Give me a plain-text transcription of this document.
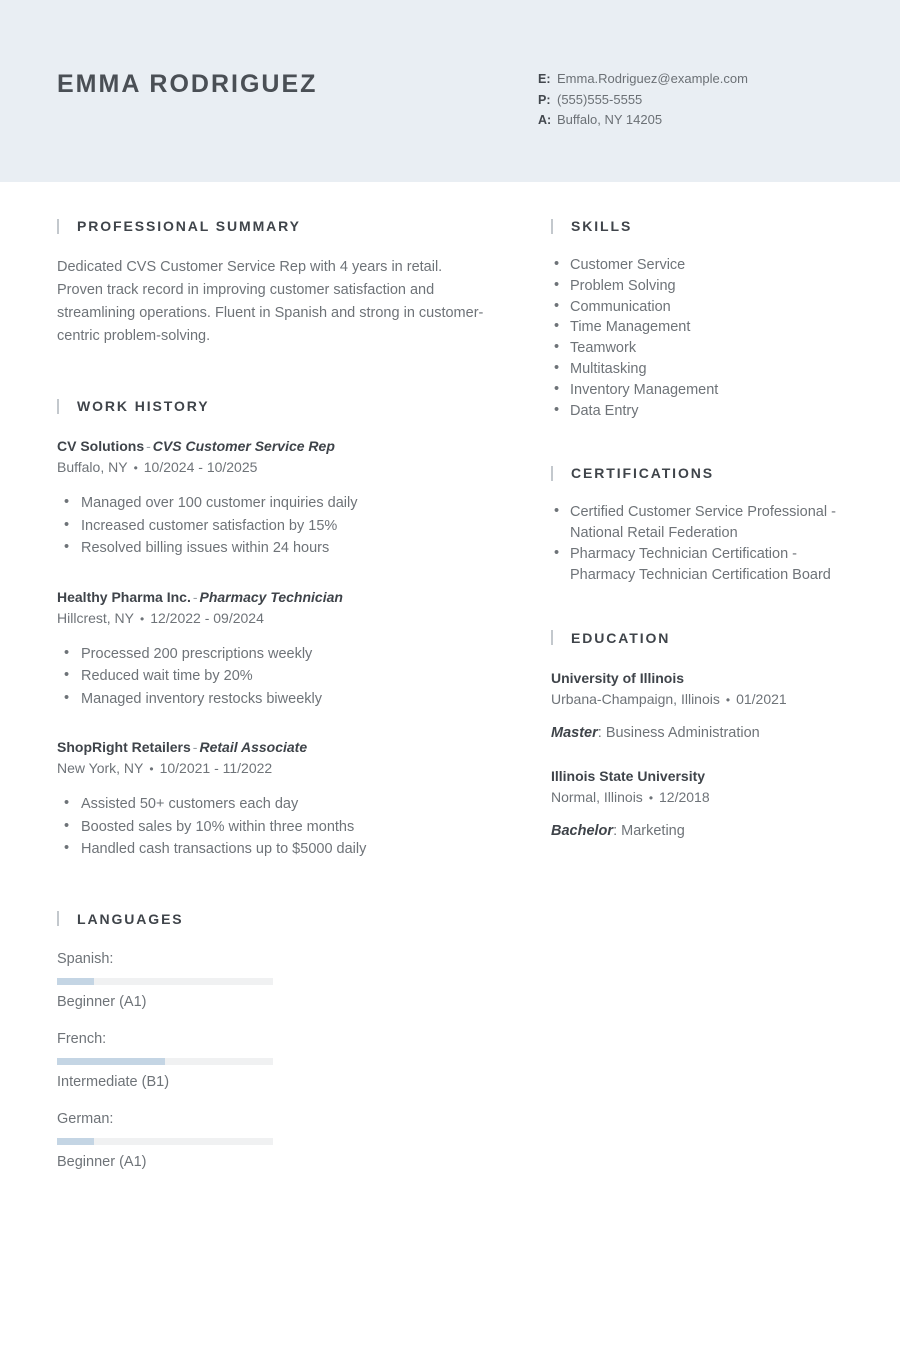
EMMA RODRIGUEZ	E: Emma.Rodriguez@example.com
P: (555)555-5555
A: Buffalo, NY 14205
PROFESSIONAL SUMMARY
Dedicated CVS Customer Service Rep with 4 years in retail. Proven track record in improving customer satisfaction and streamlining operations. Fluent in Spanish and strong in customer-centric problem-solving.
WORK HISTORY
CV Solutions - CVS Customer Service Rep
Buffalo, NY • 10/2024 - 10/2025
• Managed over 100 customer inquiries daily
• Increased customer satisfaction by 15%
• Resolved billing issues within 24 hours
Healthy Pharma Inc. - Pharmacy Technician
Hillcrest, NY • 12/2022 - 09/2024
• Processed 200 prescriptions weekly
• Reduced wait time by 20%
• Managed inventory restocks biweekly
ShopRight Retailers - Retail Associate
New York, NY • 10/2021 - 11/2022
• Assisted 50+ customers each day
• Boosted sales by 10% within three months
• Handled cash transactions up to $5000 daily
LANGUAGES
Spanish:
Beginner (A1)
French:
Intermediate (B1)
German:
Beginner (A1)
SKILLS
• Customer Service
• Problem Solving
• Communication
• Time Management
• Teamwork
• Multitasking
• Inventory Management
• Data Entry
CERTIFICATIONS
• Certified Customer Service Professional - National Retail Federation
• Pharmacy Technician Certification - Pharmacy Technician Certification Board
EDUCATION
University of Illinois
Urbana-Champaign, Illinois • 01/2021
Master: Business Administration
Illinois State University
Normal, Illinois • 12/2018
Bachelor: Marketing
